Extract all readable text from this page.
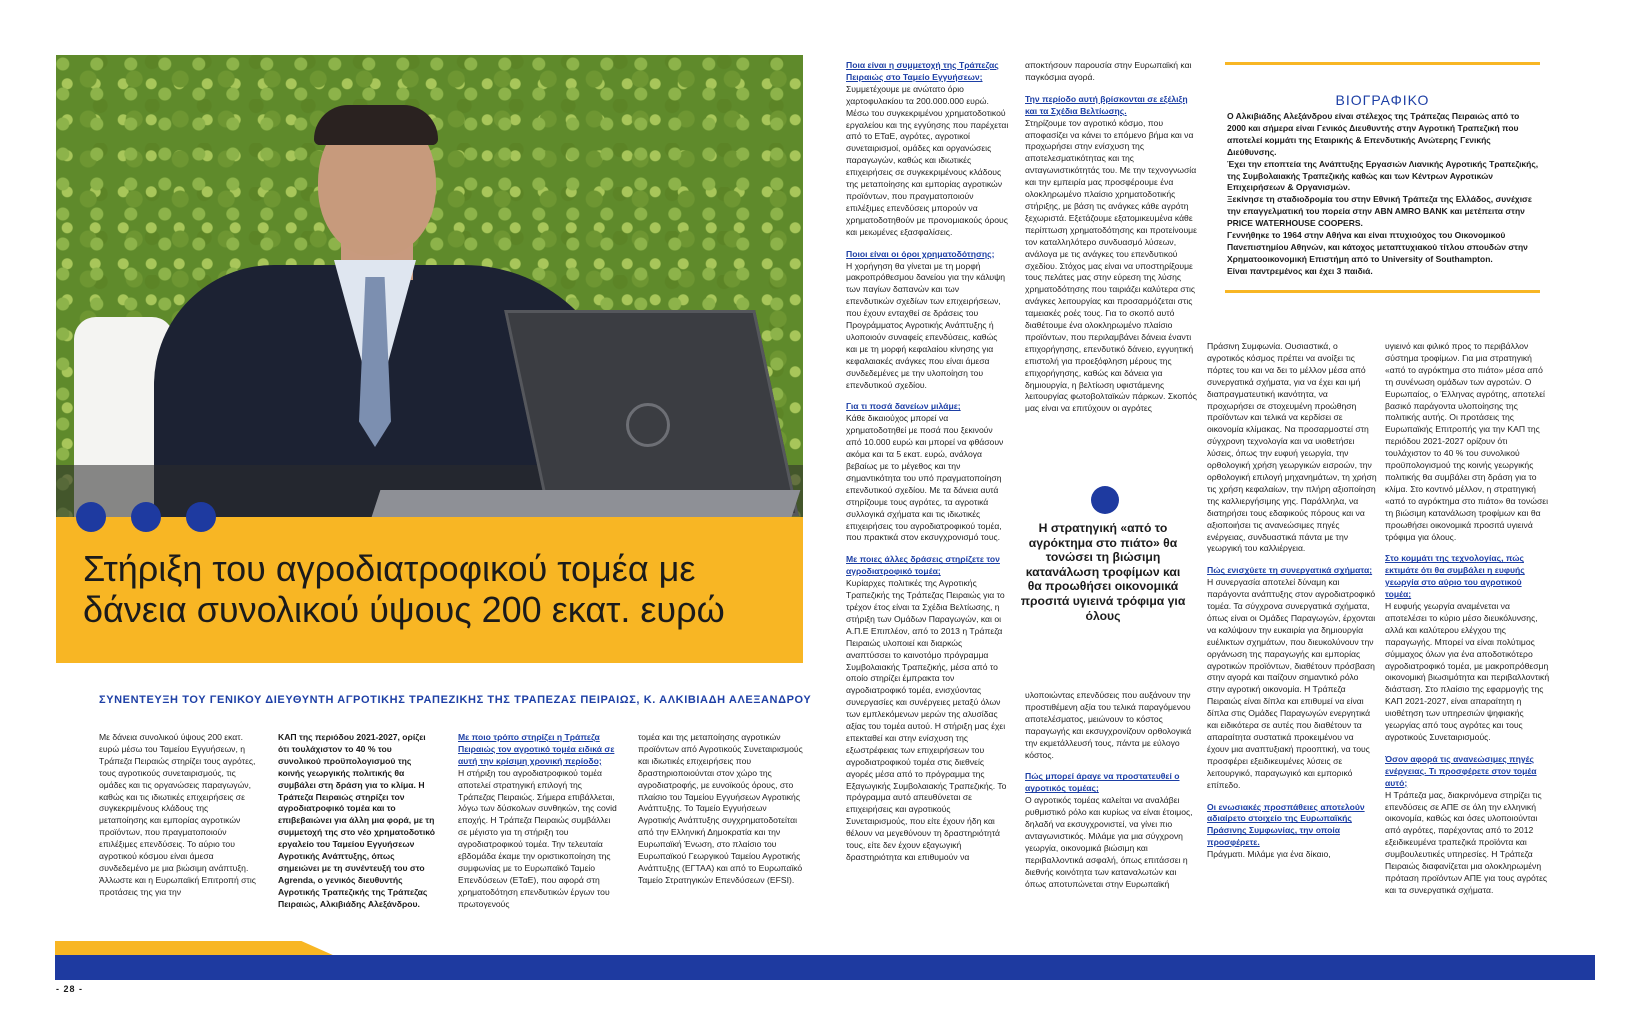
Στήριξη του αγροδιατροφικού τομέα με δάνεια συνολικού ύψους 200 εκατ. ευρώ
ΣΥΝΕΝΤΕΥΞΗ ΤΟΥ ΓΕΝΙΚΟΥ ΔΙΕΥΘΥΝΤΗ ΑΓΡΟΤΙΚΗΣ ΤΡΑΠΕΖΙΚΗΣ ΤΗΣ ΤΡΑΠΕΖΑΣ ΠΕΙΡΑΙΩΣ, Κ. ΑΛΚΙΒΙΑΔΗ ΑΛΕΞΑΝΔΡΟΥ

Με δάνεια συνολικού ύψους 200 εκατ. ευρώ μέσω του Ταμείου Εγγυήσεων, η Τράπεζα Πειραιώς στηρίζει τους αγρότες, τους αγροτικούς συνεταιρισμούς, τις ομάδες και τις οργανώσεις παραγωγών, καθώς και τις ιδιωτικές επιχειρήσεις σε συγκεκριμένους κλάδους της μεταποίησης και εμπορίας αγροτικών προϊόντων, που πραγματοποιούν επιλέξιμες επενδύσεις. Το αύριο του αγροτικού κόσμου είναι άμεσα συνδεδεμένο με μια βιώσιμη ανάπτυξη. Άλλωστε και η Ευρωπαϊκή Επιτροπή στις προτάσεις της για την

ΚΑΠ της περιόδου 2021-2027, ορίζει ότι τουλάχιστον το 40 % του συνολικού προϋπολογισμού της κοινής γεωργικής πολιτικής θα συμβάλει στη δράση για το κλίμα. Η Τράπεζα Πειραιώς στηρίζει τον αγροδιατροφικό τομέα και το επιβεβαιώνει για άλλη μια φορά, με τη συμμετοχή της στο νέο χρηματοδοτικό εργαλείο του Ταμείου Εγγυήσεων Αγροτικής Ανάπτυξης, όπως σημειώνει με τη συνέντευξή του στο Agrenda, ο γενικός διευθυντής Αγροτικής Τραπεζικής της Τράπεζας Πειραιώς, Αλκιβιάδης Αλεξάνδρου.

Με ποιο τρόπο στηρίζει η Τράπεζα Πειραιώς τον αγροτικό τομέα ειδικά σε αυτή την κρίσιμη χρονική περίοδο;

Η στήριξη του αγροδιατροφικού τομέα αποτελεί στρατηγική επιλογή της Τράπεζας Πειραιώς. Σήμερα επιβάλλεται, λόγω των δύσκολων συνθηκών, της covid εποχής. Η Τράπεζα Πειραιώς συμβάλλει σε μέγιστο για τη στήριξη του αγροδιατροφικού τομέα. Την τελευταία εβδομάδα έκαμε την οριστικοποίηση της συμφωνίας με το Ευρωπαϊκό Ταμείο Επενδύσεων (ΕΤαΕ), που αφορά στη χρηματοδότηση επενδυτικών έργων του πρωτογενούς

τομέα και της μεταποίησης αγροτικών προϊόντων από Αγροτικούς Συνεταιρισμούς και ιδιωτικές επιχειρήσεις που δραστηριοποιούνται στον χώρο της αγροδιατροφής, με ευνοϊκούς όρους, στο πλαίσιο του Ταμείου Εγγυήσεων Αγροτικής Ανάπτυξης. Το Ταμείο Εγγυήσεων Αγροτικής Ανάπτυξης συγχρηματοδοτείται από την Ελληνική Δημοκρατία και την Ευρωπαϊκή Ένωση, στο πλαίσιο του Ευρωπαϊκού Γεωργικού Ταμείου Αγροτικής Ανάπτυξης (ΕΓΤΑΑ) και από το Ευρωπαϊκό Ταμείο Στρατηγικών Επενδύσεων (EFSI).

Ποια είναι η συμμετοχή της Τράπεζας Πειραιώς στο Ταμείο Εγγυήσεων;

Συμμετέχουμε με ανώτατο όριο χαρτοφυλακίου τα 200.000.000 ευρώ. Μέσω του συγκεκριμένου χρηματοδοτικού εργαλείου και της εγγύησης που παρέχεται από το ΕΤαΕ, αγρότες, αγροτικοί συνεταιρισμοί, ομάδες και οργανώσεις παραγωγών, καθώς και ιδιωτικές επιχειρήσεις σε συγκεκριμένους κλάδους της μεταποίησης και εμπορίας αγροτικών προϊόντων, που πραγματοποιούν επιλέξιμες επενδύσεις μπορούν να χρηματοδοτηθούν με προνομιακούς όρους και μειωμένες εξασφαλίσεις.

Ποιοι είναι οι όροι χρηματοδότησης;

Η χορήγηση θα γίνεται με τη μορφή μακροπρόθεσμου δανείου για την κάλυψη των παγίων δαπανών και των επενδυτικών σχεδίων των επιχειρήσεων, που έχουν ενταχθεί σε δράσεις του Προγράμματος Αγροτικής Ανάπτυξης ή υλοποιούν συναφείς επενδύσεις, καθώς και με τη μορφή κεφαλαίου κίνησης για κεφαλαιακές ανάγκες που είναι άμεσα συνδεδεμένες με την υλοποίηση του επενδυτικού σχεδίου.

Για τι ποσά δανείων μιλάμε;

Κάθε δικαιούχος μπορεί να χρηματοδοτηθεί με ποσά που ξεκινούν από 10.000 ευρώ και μπορεί να φθάσουν ακόμα και τα 5 εκατ. ευρώ, ανάλογα βεβαίως με το μέγεθος και την σημαντικότητα του υπό πραγματοποίηση επενδυτικού σχεδίου. Με τα δάνεια αυτά στηρίζουμε τους αγρότες, τα αγροτικά συλλογικά σχήματα και τις ιδιωτικές επιχειρήσεις του αγροδιατροφικού τομέα, που πρακτικά στον εκσυγχρονισμό τους.

Με ποιες άλλες δράσεις στηρίζετε τον αγροδιατροφικό τομέα;

Κυρίαρχες πολιτικές της Αγροτικής Τραπεζικής της Τράπεζας Πειραιώς για το τρέχον έτος είναι τα Σχέδια Βελτίωσης, η στήριξη των Ομάδων Παραγωγών, και οι Α.Π.Ε Επιπλέον, από το 2013 η Τράπεζα Πειραιώς υλοποιεί και διαρκώς αναπτύσσει το καινοτόμο πρόγραμμα Συμβολαιακής Τραπεζικής, μέσα από το οποίο στηρίζει έμπρακτα τον αγροδιατροφικό τομέα, ενισχύοντας συνεργασίες και συνέργειες μεταξύ όλων των εμπλεκόμενων μερών της αλυσίδας αξίας του τομέα αυτού. Η στήριξη μας έχει επεκταθεί και στην ενίσχυση της εξωστρέφειας των επιχειρήσεων του αγροδιατροφικού τομέα στις διεθνείς αγορές μέσα από το πρόγραμμα της Εξαγωγικής Συμβολαιακής Τραπεζικής. Το πρόγραμμα αυτό απευθύνεται σε επιχειρήσεις και αγροτικούς Συνεταιρισμούς, που είτε έχουν ήδη και θέλουν να μεγεθύνουν τη δραστηριότητά τους, είτε δεν έχουν εξαγωγική δραστηριότητα και επιθυμούν να

αποκτήσουν παρουσία στην Ευρωπαϊκή και παγκόσμια αγορά.

Την περίοδο αυτή βρίσκονται σε εξέλιξη και τα Σχέδια Βελτίωσης.

Στηρίζουμε τον αγροτικό κόσμο, που αποφασίζει να κάνει το επόμενο βήμα και να προχωρήσει στην ενίσχυση της αποτελεσματικότητας και της ανταγωνιστικότητάς του. Με την τεχνογνωσία και την εμπειρία μας προσφέρουμε ένα ολοκληρωμένο πλαίσιο χρηματοδοτικής στήριξης, με βάση τις ανάγκες κάθε αγρότη ξεχωριστά. Εξετάζουμε εξατομικευμένα κάθε περίπτωση χρηματοδότησης και προτείνουμε τον καταλληλότερο συνδυασμό λύσεων, ανάλογα με τις ανάγκες του επενδυτικού σχεδίου. Στόχος μας είναι να υποστηρίξουμε τους πελάτες μας στην εύρεση της λύσης χρηματοδότησης που ταιριάζει καλύτερα στις ανάγκες λειτουργίας και προσαρμόζεται στις ταμειακές ροές τους. Για το σκοπό αυτό διαθέτουμε ένα ολοκληρωμένο πλαίσιο προϊόντων, που περιλαμβάνει δάνεια έναντι επιχορήγησης, επενδυτικό δάνειο, εγγυητική επιστολή για προεξόφληση μέρους της επιχορήγησης, καθώς και δάνεια για δημιουργία, η βελτίωση υφιστάμενης λειτουργίας φωτοβολταϊκών πάρκων. Σκοπός μας είναι να επιτύχουν οι αγρότες

Η στρατηγική «από το αγρόκτημα στο πιάτο» θα τονώσει τη βιώσιμη κατανάλωση τροφίμων και θα προωθήσει οικονομικά προσιτά υγιεινά τρόφιμα για όλους

υλοποιώντας επενδύσεις που αυξάνουν την προστιθέμενη αξία του τελικά παραγόμενου αποτελέσματος, μειώνουν το κόστος παραγωγής και εκσυγχρονίζουν ορθολογικά την εκμετάλλευσή τους, πάντα με εύλογο κόστος.

Πώς μπορεί άραγε να προστατευθεί ο αγροτικός τομέας;

Ο αγροτικός τομέας καλείται να αναλάβει ρυθμιστικό ρόλο και κυρίως να είναι έτοιμος, δηλαδή να εκσυγχρονιστεί, να γίνει πιο ανταγωνιστικός. Μιλάμε για μια σύγχρονη γεωργία, οικονομικά βιώσιμη και περιβαλλοντικά ασφαλή, όπως επιτάσσει η διεθνής κοινότητα των καταναλωτών και όπως αποτυπώνεται στην Ευρωπαϊκή

ΒΙΟΓΡΑΦΙΚΟ

Ο Αλκιβιάδης Αλεξάνδρου είναι στέλεχος της Τράπεζας Πειραιώς από το 2000 και σήμερα είναι Γενικός Διευθυντής στην Αγροτική Τραπεζική που αποτελεί κομμάτι της Εταιρικής & Επενδυτικής Ανώτερης Γενικής Διεύθυνσης.

Έχει την εποπτεία της Ανάπτυξης Εργασιών Λιανικής Αγροτικής Τραπεζικής, της Συμβολαιακής Τραπεζικής καθώς και των Κέντρων Αγροτικών Επιχειρήσεων & Οργανισμών.

Ξεκίνησε τη σταδιοδρομία του στην Εθνική Τράπεζα της Ελλάδος, συνέχισε την επαγγελματική του πορεία στην ABN AMRO BANK και μετέπειτα στην PRICE WATERHOUSE COOPERS.

Γεννήθηκε το 1964 στην Αθήνα και είναι πτυχιούχος του Οικονομικού Πανεπιστημίου Αθηνών, και κάτοχος μεταπτυχιακού τίτλου σπουδών στην Χρηματοοικονομική Επιστήμη από το University of Southampton.

Είναι παντρεμένος και έχει 3 παιδιά.

Πράσινη Συμφωνία. Ουσιαστικά, ο αγροτικός κόσμος πρέπει να ανοίξει τις πόρτες του και να δει το μέλλον μέσα από συνεργατικά σχήματα, για να έχει και ιμή διαπραγματευτική ικανότητα, να προχωρήσει σε στοχευμένη προώθηση προϊόντων και τελικά να κερδίσει σε οικονομία κλίμακας. Να προσαρμοστεί στη σύγχρονη τεχνολογία και να υιοθετήσει λύσεις, όπως την ευφυή γεωργία, την ορθολογική χρήση γεωργικών εισροών, την ορθολογική επιλογή μηχανημάτων, τη χρήση τις χρήση κεφαλαίων, την πλήρη αξιοποίηση της καλλιεργήσιμης γης. Παράλληλα, να διατηρήσει τους εδαφικούς πόρους και να αξιοποιήσει τις ανανεώσιμες πηγές ενέργειας, συνδυαστικά πάντα με την γεωργική του καλλιέργεια.

Πώς ενισχύετε τη συνεργατικά σχήματα;

Η συνεργασία αποτελεί δύναμη και παράγοντα ανάπτυξης στον αγροδιατροφικό τομέα. Τα σύγχρονα συνεργατικά σχήματα, όπως είναι οι Ομάδες Παραγωγών, έρχονται να καλύψουν την ευκαιρία για δημιουργία ευέλικτων σχημάτων, που διευκολύνουν την οργάνωση της παραγωγής και εμπορίας αγροτικών προϊόντων, διαθέτουν πρόσβαση στην αγορά και παίζουν σημαντικό ρόλο στην αγροτική οικονομία. Η Τράπεζα Πειραιώς είναι δίπλα και επιθυμεί να είναι δίπλα στις Ομάδες Παραγωγών ενεργητικά και ειδικότερα σε αυτές που διαθέτουν τα απαραίτητα συστατικά προκειμένου να έχουν μια αναπτυξιακή προοπτική, να τους προσφέρει εξειδικευμένες λύσεις σε λειτουργικό, παραγωγικό και εμπορικό επίπεδο.

Οι ενωσιακές προσπάθειες αποτελούν αδιαίρετο στοιχείο της Ευρωπαϊκής Πράσινης Συμφωνίας, την οποία προσφέρετε.

Πράγματι. Μιλάμε για ένα δίκαιο,

υγιεινό και φιλικό προς το περιβάλλον σύστημα τροφίμων. Για μια στρατηγική «από το αγρόκτημα στο πιάτο» μέσα από τη συνένωση ομάδων των αγροτών. Ο Ευρωπαίος, ο Έλληνας αγρότης, αποτελεί βασικό παράγοντα υλοποίησης της πολιτικής αυτής. Οι προτάσεις της Ευρωπαϊκής Επιτροπής για την ΚΑΠ της περιόδου 2021-2027 ορίζουν ότι τουλάχιστον το 40 % του συνολικού προϋπολογισμού της κοινής γεωργικής πολιτικής θα συμβάλει στη δράση για το κλίμα. Στο κοντινό μέλλον, η στρατηγική «από το αγρόκτημα στο πιάτο» θα τονώσει τη βιώσιμη κατανάλωση τροφίμων και θα προωθήσει οικονομικά προσιτά υγιεινά τρόφιμα για όλους.

Στο κομμάτι της τεχνολογίας, πώς εκτιμάτε ότι θα συμβάλει η ευφυής γεωργία στο αύριο του αγροτικού τομέα;

Η ευφυής γεωργία αναμένεται να αποτελέσει το κύριο μέσο διευκόλυνσης, αλλά και καλύτερου ελέγχου της παραγωγής. Μπορεί να είναι πολύτιμος σύμμαχος όλων για ένα αποδοτικότερο αγροδιατροφικό τομέα, με μακροπρόθεσμη οικονομική βιωσιμότητα και περιβαλλοντική διάσταση. Στο πλαίσιο της εφαρμογής της ΚΑΠ 2021-2027, είναι απαραίτητη η υιοθέτηση των υπηρεσιών ψηφιακής γεωργίας από τους αγρότες και τους αγροτικούς Συνεταιρισμούς.

Όσον αφορά τις ανανεώσιμες πηγές ενέργειας. Τι προσφέρετε στον τομέα αυτό;

Η Τράπεζα μας, διακρινόμενα στηρίζει τις επενδύσεις σε ΑΠΕ σε όλη την ελληνική οικονομία, καθώς και όσες υλοποιούνται από αγρότες, παρέχοντας από το 2012 εξειδικευμένα τραπεζικά προϊόντα και συμβουλευτικές υπηρεσίες. Η Τράπεζα Πειραιώς διαφανίζεται μια ολοκληρωμένη πρόταση προϊόντων ΑΠΕ για τους αγρότες και τα συνεργατικά σχήματα.

- 28 -
